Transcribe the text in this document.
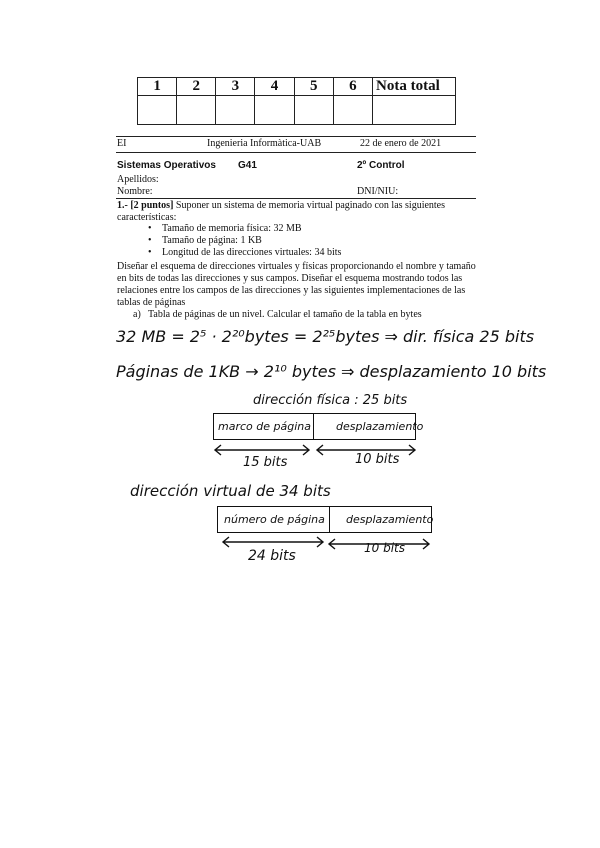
1	2	3	4	5	6	Nota total

EI	Ingenieria Informàtica-UAB	22 de enero de 2021
Sistemas Operativos G41	2º Control
Apellidos:
Nombre:	DNI/NIU:
1.- [2 puntos] Suponer un sistema de memoria virtual paginado con las siguientes
características:
• Tamaño de memoria física: 32 MB
• Tamaño de página: 1 KB
• Longitud de las direcciones virtuales: 34 bits
Diseñar el esquema de direcciones virtuales y físicas proporcionando el nombre y tamaño
en bits de todas las direcciones y sus campos. Diseñar el esquema mostrando todos las
relaciones entre los campos de las direcciones y las siguientes implementaciones de las
tablas de páginas
a) Tabla de páginas de un nivel. Calcular el tamaño de la tabla en bytes
32 MB = 2⁵ · 2²⁰bytes = 2²⁵bytes ⇒ dir. física 25 bits
Páginas de 1KB → 2¹⁰ bytes ⇒ desplazamiento 10 bits
dirección física : 25 bits
marco de página desplazamiento
15 bits	10 bits
dirección virtual de 34 bits
número de página desplazamiento
24 bits	10 bits
